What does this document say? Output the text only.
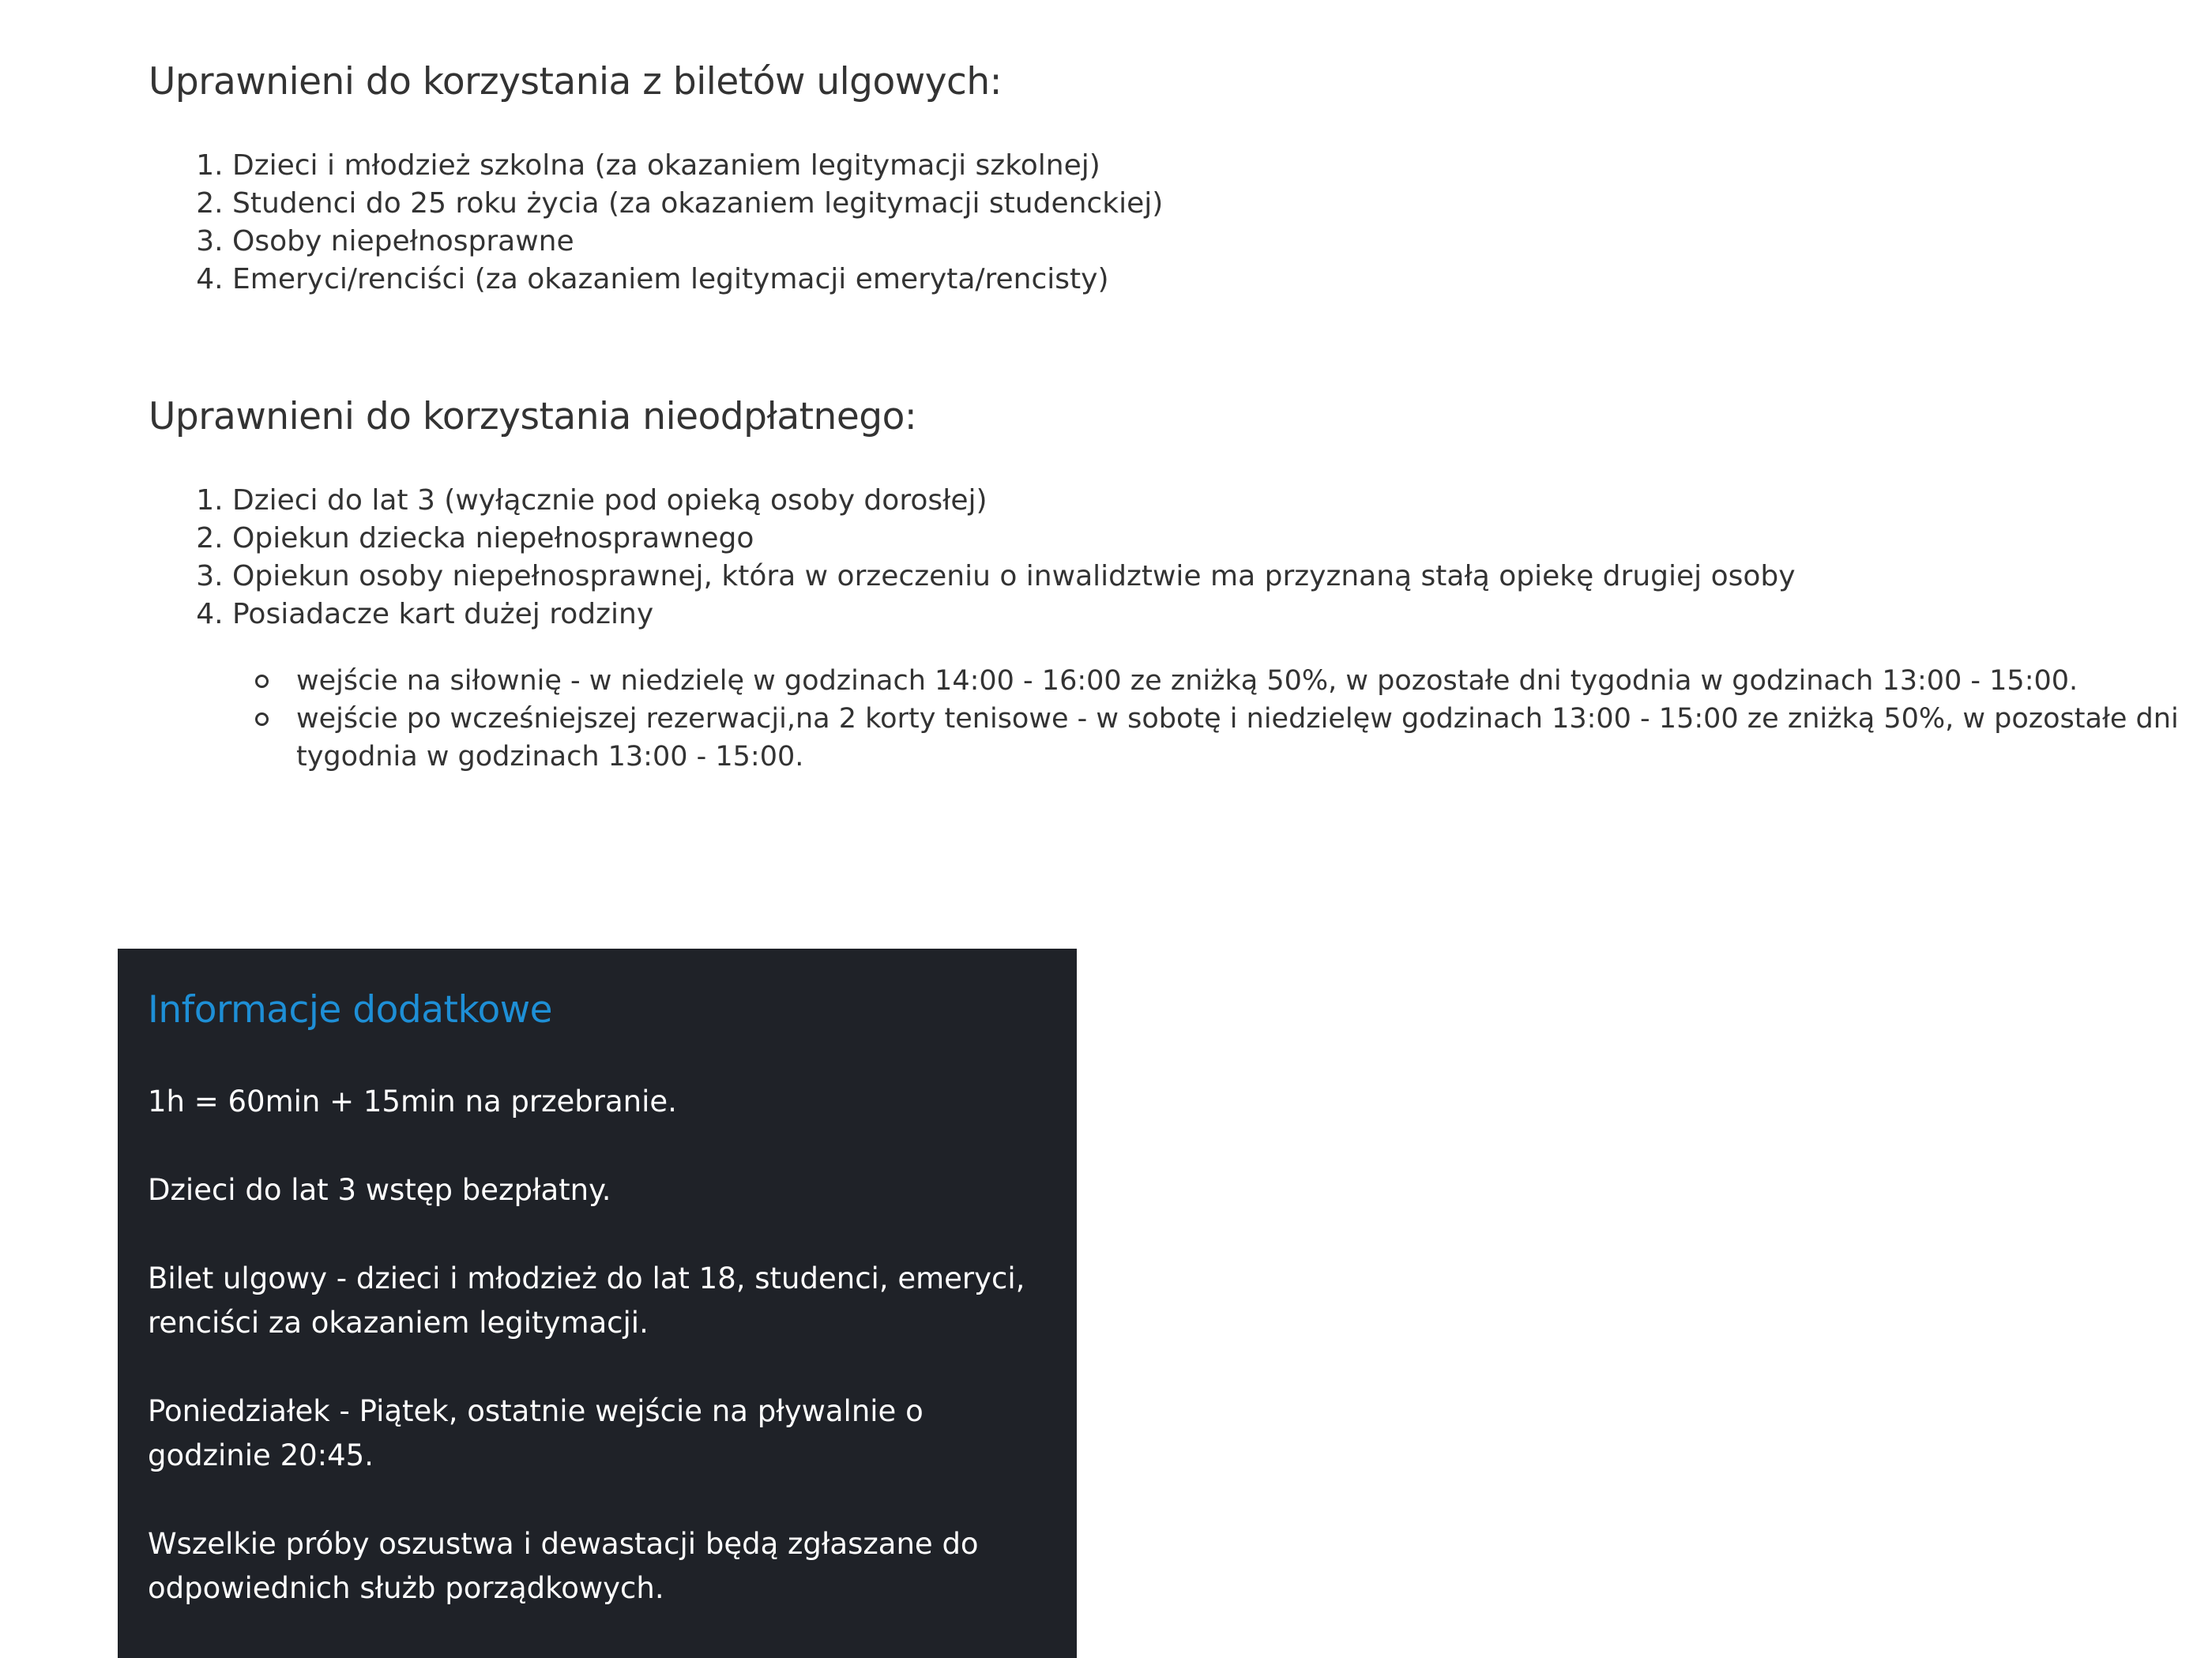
Uprawnieni do korzystania z biletów ulgowych:
1. Dzieci i młodzież szkolna (za okazaniem legitymacji szkolnej)
2. Studenci do 25 roku życia (za okazaniem legitymacji studenckiej)
3. Osoby niepełnosprawne
4. Emeryci/renciści (za okazaniem legitymacji emeryta/rencisty)
Uprawnieni do korzystania nieodpłatnego:
1. Dzieci do lat 3 (wyłącznie pod opieką osoby dorosłej)
2. Opiekun dziecka niepełnosprawnego
3. Opiekun osoby niepełnosprawnej, która w orzeczeniu o inwalidztwie ma przyznaną stałą opiekę drugiej osoby
4. Posiadacze kart dużej rodziny
wejście na siłownię - w niedzielę w godzinach 14:00 - 16:00 ze zniżką 50%, w pozostałe dni tygodnia w godzinach 13:00 - 15:00.
wejście po wcześniejszej rezerwacji,na 2 korty tenisowe - w sobotę i niedzielęw godzinach 13:00 - 15:00 ze zniżką 50%, w pozostałe dni tygodnia w godzinach 13:00 - 15:00.
Informacje dodatkowe

1h = 60min + 15min na przebranie.

Dzieci do lat 3 wstęp bezpłatny.

Bilet ulgowy - dzieci i młodzież do lat 18, studenci, emeryci, renciści za okazaniem legitymacji.

Poniedziałek - Piątek, ostatnie wejście na pływalnie o godzinie 20:45.

Wszelkie próby oszustwa i dewastacji będą zgłaszane do odpowiednich służb porządkowych.
